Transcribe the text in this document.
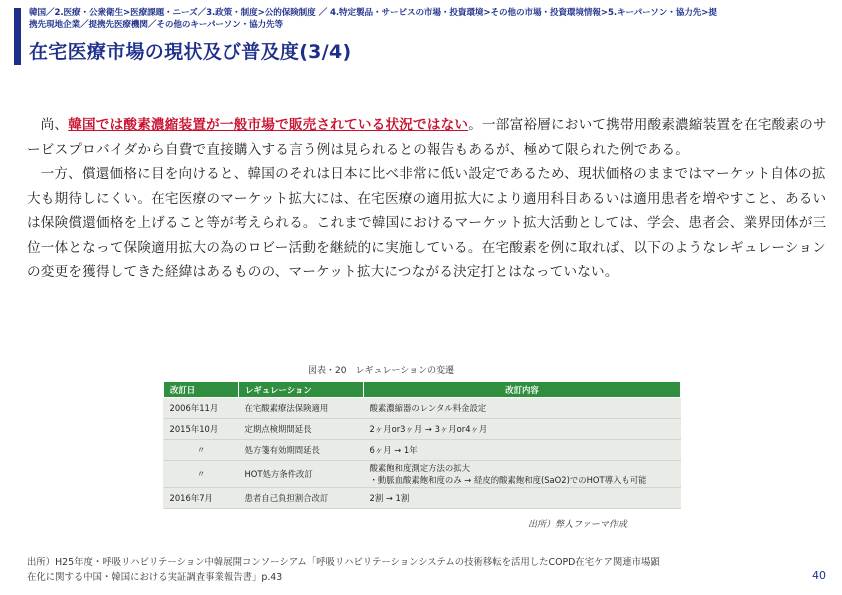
韓国／2.医療・公衆衛生>医療課題・ニーズ／3.政策・制度>公的保険制度 ／ 4.特定製品・サービスの市場・投資環境>その他の市場・投資環境情報>5.キーパーソン・協力先>提
携先現地企業／提携先医療機関／その他のキーパーソン・協力先等
在宅医療市場の現状及び普及度(3/4)

尚、韓国では酸素濃縮装置が一般市場で販売されている状況ではない。一部富裕層において携帯用酸素濃縮装置を在宅酸素のサービスプロバイダから自費で直接購入する言う例は見られるとの報告もあるが、極めて限られた例である。

一方、償還価格に目を向けると、韓国のそれは日本に比べ非常に低い設定であるため、現状価格のままではマーケット自体の拡大も期待しにくい。在宅医療のマーケット拡大には、在宅医療の適用拡大により適用科目あるいは適用患者を増やすこと、あるいは保険償還価格を上げること等が考えられる。これまで韓国におけるマーケット拡大活動としては、学会、患者会、業界団体が三位一体となって保険適用拡大の為のロビー活動を継続的に実施している。在宅酸素を例に取れば、以下のようなレギュレーションの変更を獲得してきた経緯はあるものの、マーケット拡大につながる決定打とはなっていない。

図表・20　レギュレーションの変遷
改訂日	レギュレーション	改訂内容
2006年11月	在宅酸素療法保険適用	酸素濃縮器のレンタル料金設定
2015年10月	定期点検期間延長	2ヶ月or3ヶ月 → 3ヶ月or4ヶ月
〃	処方箋有効期間延長	6ヶ月 → 1年
〃	HOT処方条件改訂	酸素飽和度測定方法の拡大
・動脈血酸素飽和度のみ → 経皮的酸素飽和度(SaO2)でのHOT導入も可能

2016年7月	患者自己負担割合改訂	2割 → 1割
出所）弊人ファーマ作成
出所）H25年度・呼吸リハビリテーション中韓展開コンソーシアム「呼吸リハビリテーションシステムの技術移転を活用したCOPD在宅ケア関連市場顕
在化に関する中国・韓国における実証調査事業報告書」p.43	40
